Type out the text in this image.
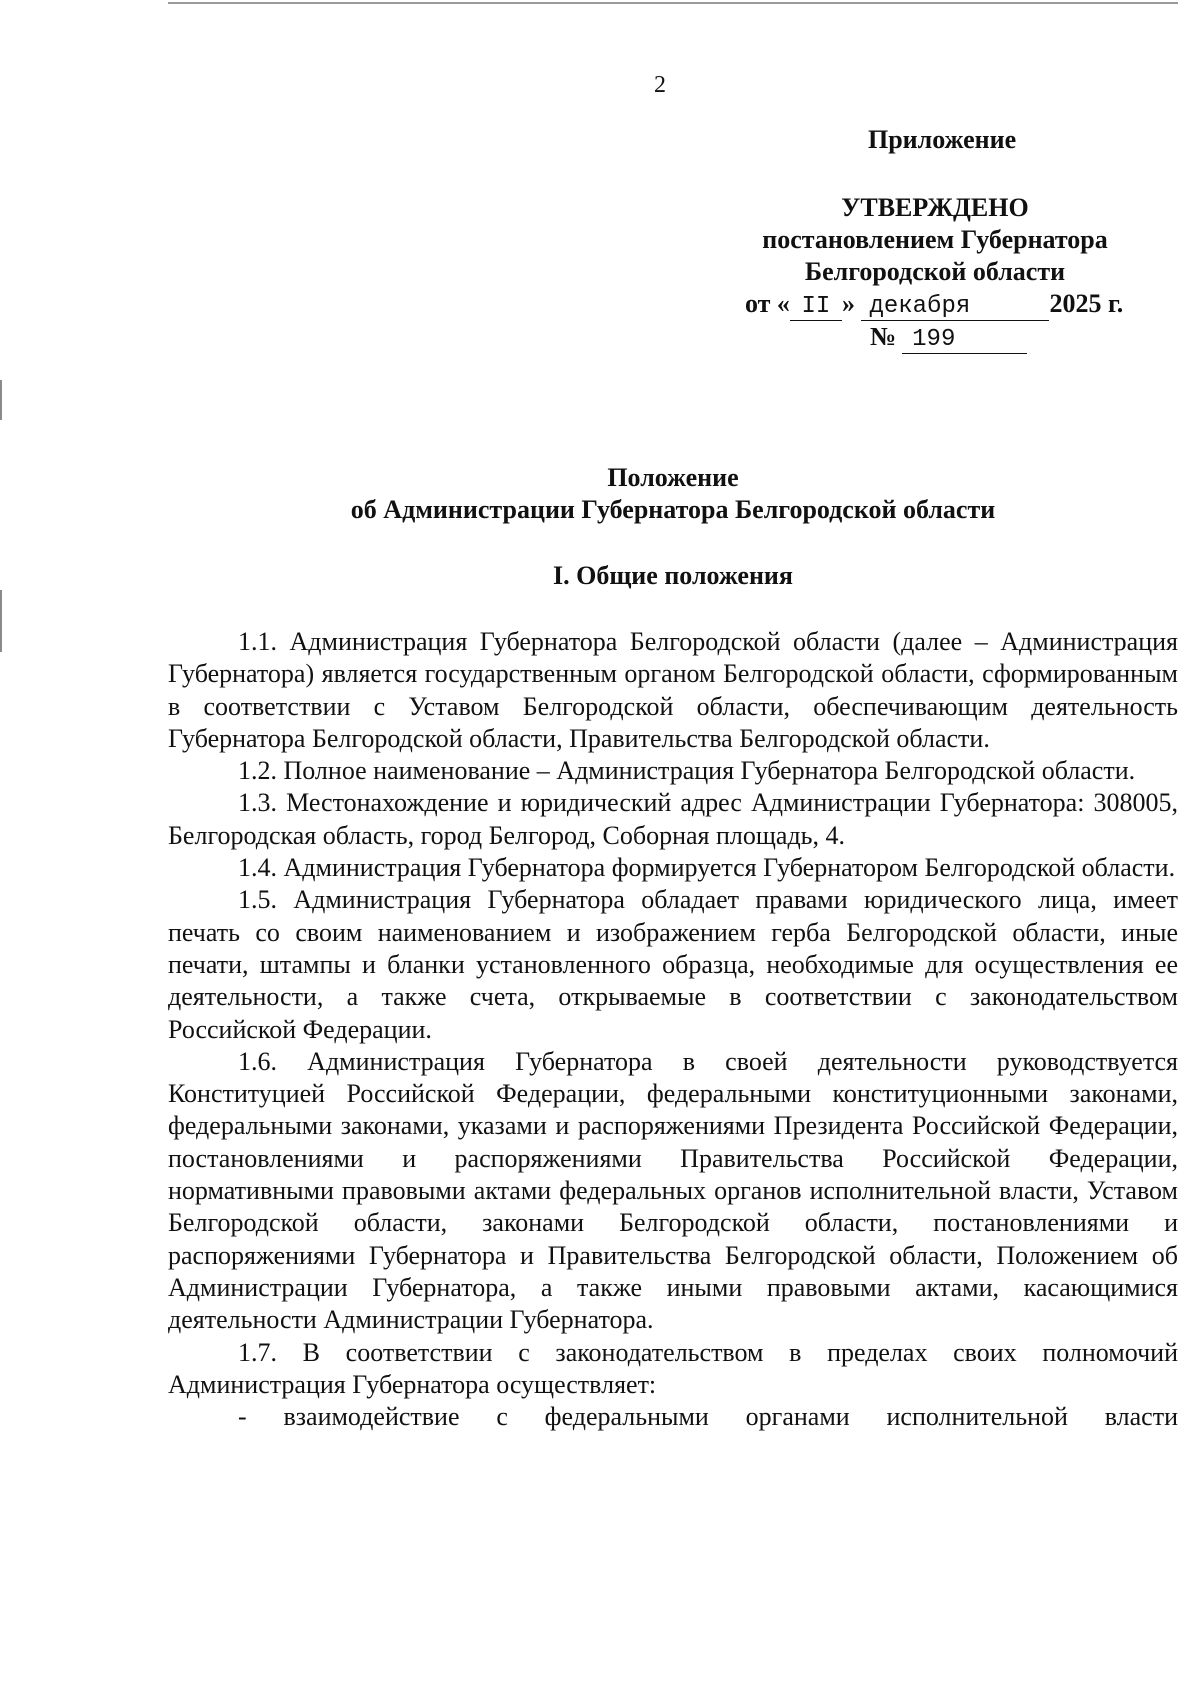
2
Приложение
УТВЕРЖДЕНО
постановлением Губернатора
Белгородской области
от « II » декабря	2025 г.
№ 199
Положение
об Администрации Губернатора Белгородской области
I. Общие положения

1.1. Администрация Губернатора Белгородской области (далее – Администрация Губернатора) является государственным органом Белгородской области, сформированным в соответствии с Уставом Белгородской области, обеспечивающим деятельность Губернатора Белгородской области, Правительства Белгородской области.

1.2. Полное наименование – Администрация Губернатора Белгородской области.

1.3. Местонахождение и юридический адрес Администрации Губернатора: 308005, Белгородская область, город Белгород, Соборная площадь, 4.

1.4. Администрация Губернатора формируется Губернатором Белгородской области.

1.5. Администрация Губернатора обладает правами юридического лица, имеет печать со своим наименованием и изображением герба Белгородской области, иные печати, штампы и бланки установленного образца, необходимые для осуществления ее деятельности, а также счета, открываемые в соответствии с законодательством Российской Федерации.

1.6. Администрация Губернатора в своей деятельности руководствуется Конституцией Российской Федерации, федеральными конституционными законами, федеральными законами, указами и распоряжениями Президента Российской Федерации, постановлениями и распоряжениями Правительства Российской Федерации, нормативными правовыми актами федеральных органов исполнительной власти, Уставом Белгородской области, законами Белгородской области, постановлениями и распоряжениями Губернатора и Правительства Белгородской области, Положением об Администрации Губернатора, а также иными правовыми актами, касающимися деятельности Администрации Губернатора.

1.7. В соответствии с законодательством в пределах своих полномочий Администрация Губернатора осуществляет:

- взаимодействие с федеральными органами исполнительной власти
